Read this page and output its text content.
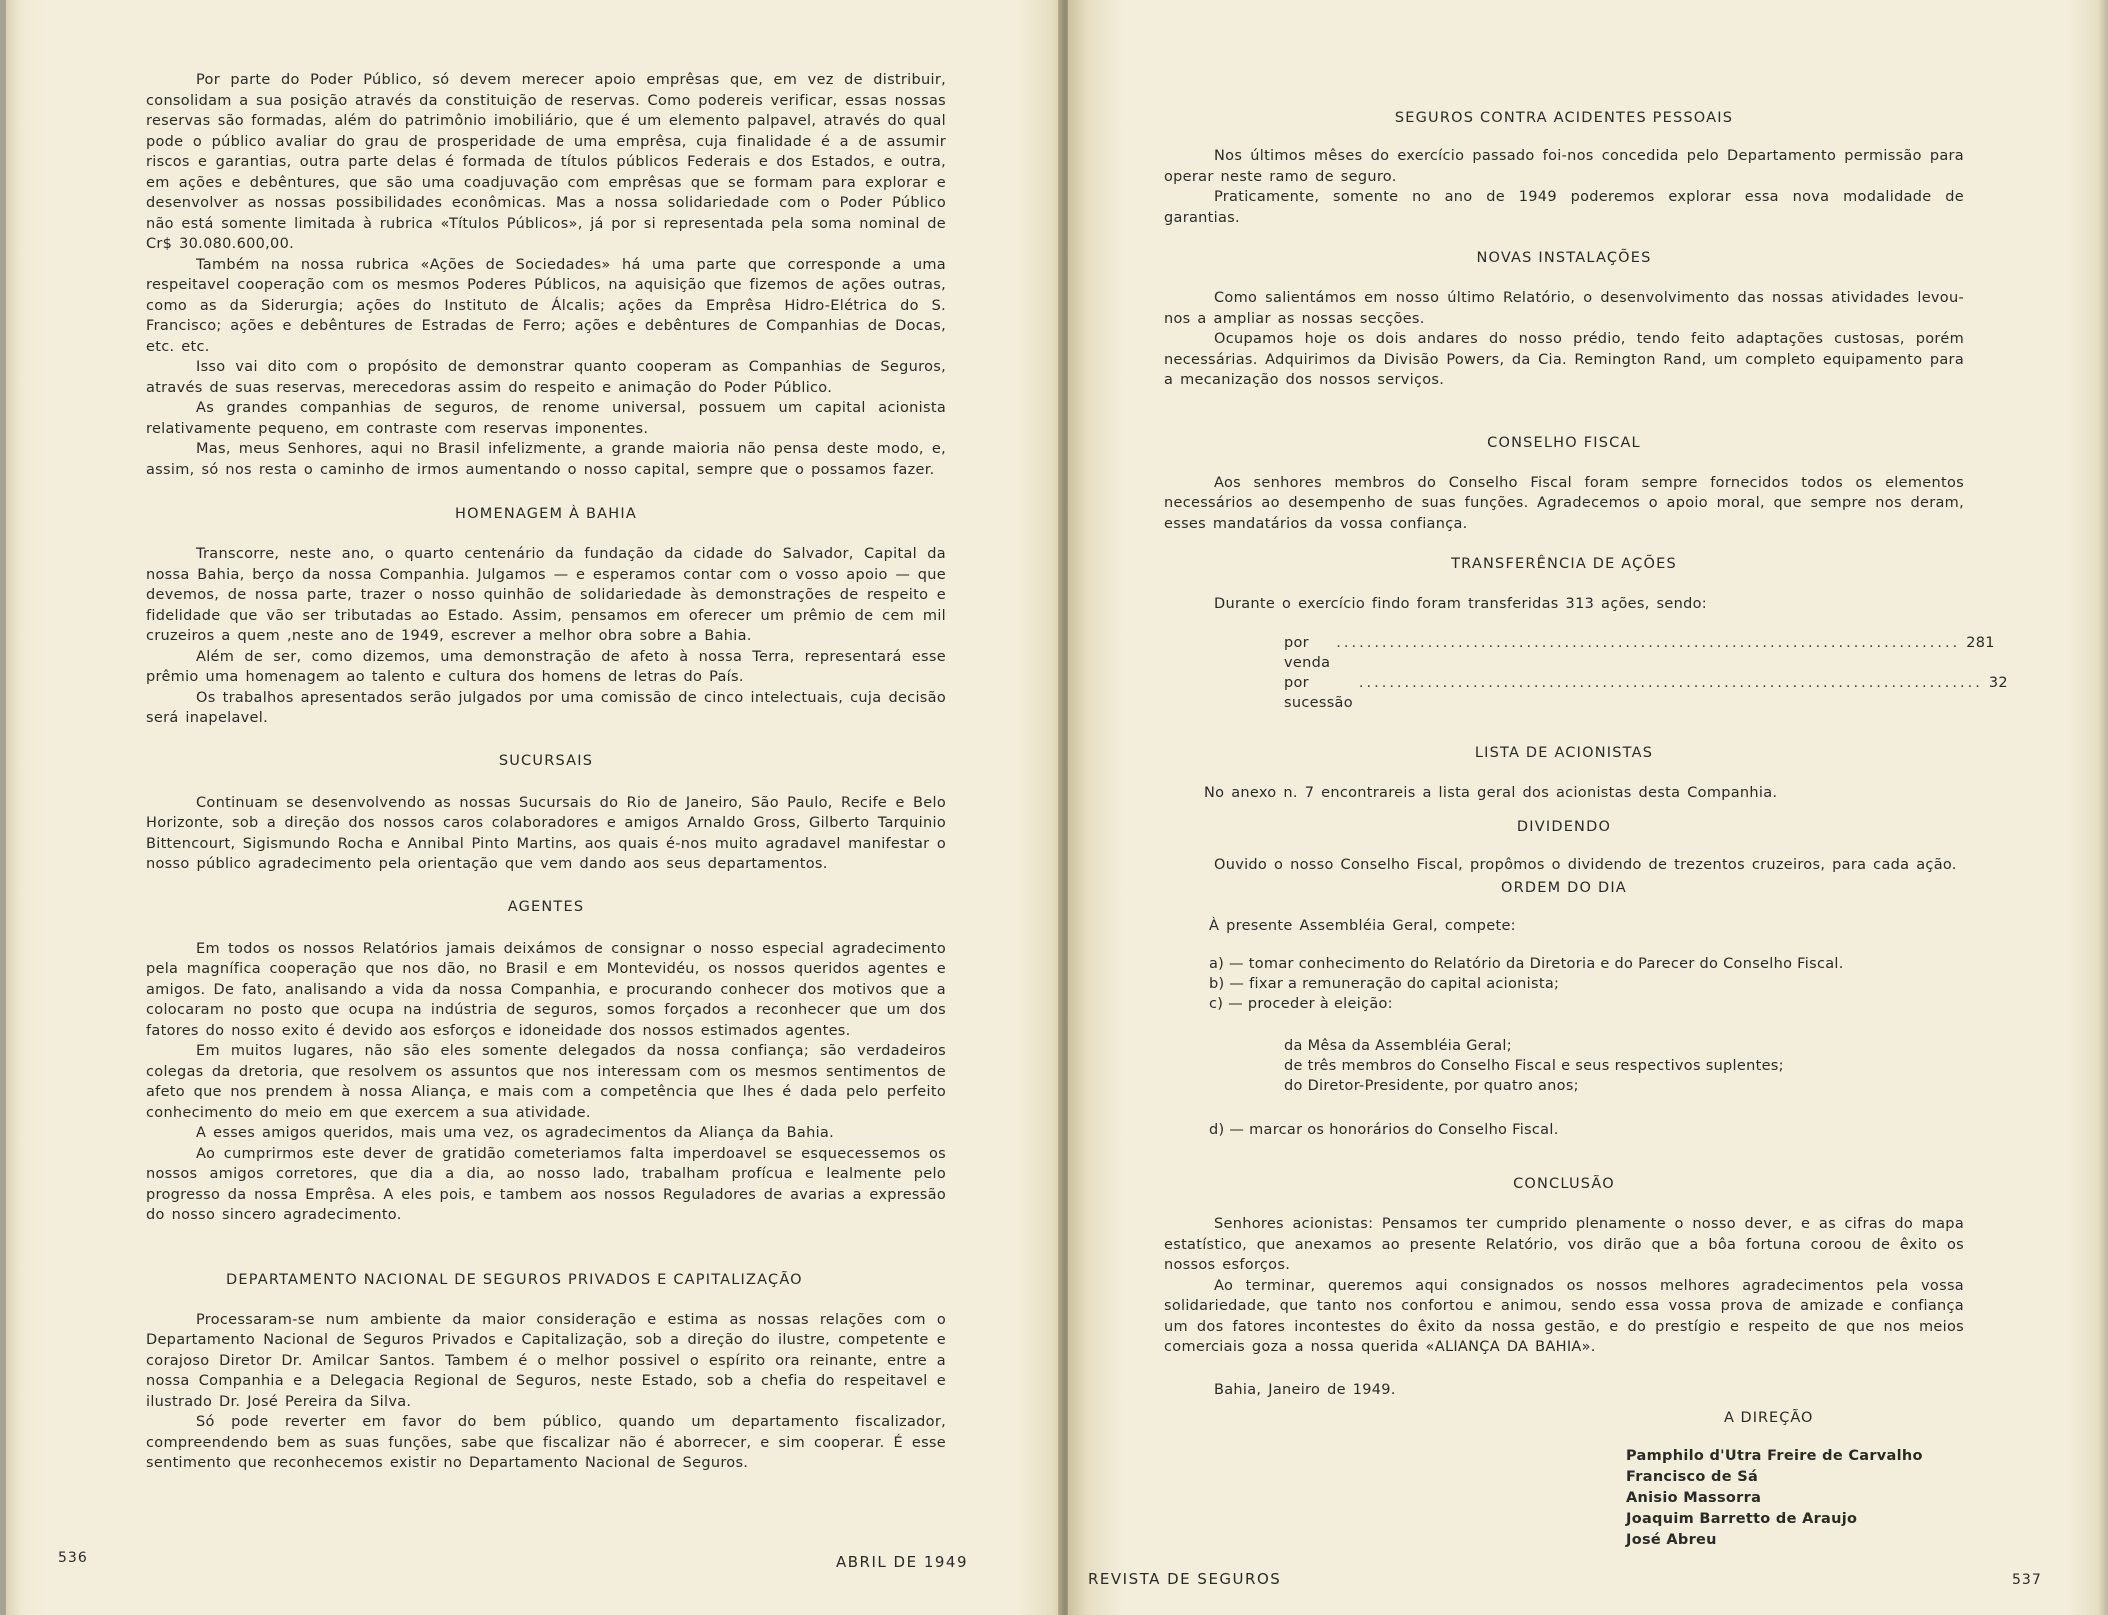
Por parte do Poder Público, só devem merecer apoio emprêsas que, em vez de distribuir, consolidam a sua posição através da constituição de reservas. Como podereis verificar, essas nossas reservas são formadas, além do patrimônio imobiliário, que é um elemento palpavel, através do qual pode o público avaliar do grau de prosperidade de uma emprêsa, cuja finalidade é a de assumir riscos e garantias, outra parte delas é formada de títulos públicos Federais e dos Estados, e outra, em ações e debêntures, que são uma coadjuvação com emprêsas que se formam para explorar e desenvolver as nossas possibilidades econômicas. Mas a nossa solidariedade com o Poder Público não está somente limitada à rubrica «Títulos Públicos», já por si representada pela soma nominal de Cr$ 30.080.600,00.

Também na nossa rubrica «Ações de Sociedades» há uma parte que corresponde a uma respeitavel cooperação com os mesmos Poderes Públicos, na aquisição que fizemos de ações outras, como as da Siderurgia; ações do Instituto de Álcalis; ações da Emprêsa Hidro-Elétrica do S. Francisco; ações e debêntures de Estradas de Ferro; ações e debêntures de Companhias de Docas, etc. etc.

Isso vai dito com o propósito de demonstrar quanto cooperam as Companhias de Seguros, através de suas reservas, merecedoras assim do respeito e animação do Poder Público.

As grandes companhias de seguros, de renome universal, possuem um capital acionista relativamente pequeno, em contraste com reservas imponentes.

Mas, meus Senhores, aqui no Brasil infelizmente, a grande maioria não pensa deste modo, e, assim, só nos resta o caminho de irmos aumentando o nosso capital, sempre que o possamos fazer.

HOMENAGEM À BAHIA

Transcorre, neste ano, o quarto centenário da fundação da cidade do Salvador, Capital da nossa Bahia, berço da nossa Companhia. Julgamos — e esperamos contar com o vosso apoio — que devemos, de nossa parte, trazer o nosso quinhão de solidariedade às demonstrações de respeito e fidelidade que vão ser tributadas ao Estado. Assim, pensamos em oferecer um prêmio de cem mil cruzeiros a quem ,neste ano de 1949, escrever a melhor obra sobre a Bahia.

Além de ser, como dizemos, uma demonstração de afeto à nossa Terra, representará esse prêmio uma homenagem ao talento e cultura dos homens de letras do País.

Os trabalhos apresentados serão julgados por uma comissão de cinco intelectuais, cuja decisão será inapelavel.

SUCURSAIS

Continuam se desenvolvendo as nossas Sucursais do Rio de Janeiro, São Paulo, Recife e Belo Horizonte, sob a direção dos nossos caros colaboradores e amigos Arnaldo Gross, Gilberto Tarquinio Bittencourt, Sigismundo Rocha e Annibal Pinto Martins, aos quais é-nos muito agradavel manifestar o nosso público agradecimento pela orientação que vem dando aos seus departamentos.

AGENTES

Em todos os nossos Relatórios jamais deixámos de consignar o nosso especial agradecimento pela magnífica cooperação que nos dão, no Brasil e em Montevidéu, os nossos queridos agentes e amigos. De fato, analisando a vida da nossa Companhia, e procurando conhecer dos motivos que a colocaram no posto que ocupa na indústria de seguros, somos forçados a reconhecer que um dos fatores do nosso exito é devido aos esforços e idoneidade dos nossos estimados agentes.

Em muitos lugares, não são eles somente delegados da nossa confiança; são verdadeiros colegas da dretoria, que resolvem os assuntos que nos interessam com os mesmos sentimentos de afeto que nos prendem à nossa Aliança, e mais com a competência que lhes é dada pelo perfeito conhecimento do meio em que exercem a sua atividade.

A esses amigos queridos, mais uma vez, os agradecimentos da Aliança da Bahia.

Ao cumprirmos este dever de gratidão cometeriamos falta imperdoavel se esquecessemos os nossos amigos corretores, que dia a dia, ao nosso lado, trabalham profícua e lealmente pelo progresso da nossa Emprêsa. A eles pois, e tambem aos nossos Reguladores de avarias a expressão do nosso sincero agradecimento.

DEPARTAMENTO NACIONAL DE SEGUROS PRIVADOS E CAPITALIZAÇÃO

Processaram-se num ambiente da maior consideração e estima as nossas relações com o Departamento Nacional de Seguros Privados e Capitalização, sob a direção do ilustre, competente e corajoso Diretor Dr. Amilcar Santos. Tambem é o melhor possivel o espírito ora reinante, entre a nossa Companhia e a Delegacia Regional de Seguros, neste Estado, sob a chefia do respeitavel e ilustrado Dr. José Pereira da Silva.

Só pode reverter em favor do bem público, quando um departamento fiscalizador, compreendendo bem as suas funções, sabe que fiscalizar não é aborrecer, e sim cooperar. É esse sentimento que reconhecemos existir no Departamento Nacional de Seguros.

536	ABRIL DE 1949
SEGUROS CONTRA ACIDENTES PESSOAIS

Nos últimos mêses do exercício passado foi-nos concedida pelo Departamento permissão para operar neste ramo de seguro.

Praticamente, somente no ano de 1949 poderemos explorar essa nova modalidade de garantias.

NOVAS INSTALAÇÕES

Como salientámos em nosso último Relatório, o desenvolvimento das nossas atividades levou-nos a ampliar as nossas secções.

Ocupamos hoje os dois andares do nosso prédio, tendo feito adaptações custosas, porém necessárias. Adquirimos da Divisão Powers, da Cia. Remington Rand, um completo equipamento para a mecanização dos nossos serviços.

CONSELHO FISCAL

Aos senhores membros do Conselho Fiscal foram sempre fornecidos todos os elementos necessários ao desempenho de suas funções. Agradecemos o apoio moral, que sempre nos deram, esses mandatários da vossa confiança.

TRANSFERÊNCIA DE AÇÕES

Durante o exercício findo foram transferidas 313 ações, sendo:

por venda
.................................................................................. 281
por sucessão
.................................................................................. 32
LISTA DE ACIONISTAS

No anexo n. 7 encontrareis a lista geral dos acionistas desta Companhia.

DIVIDENDO

Ouvido o nosso Conselho Fiscal, propômos o dividendo de trezentos cruzeiros, para cada ação.

ORDEM DO DIA

À presente Assembléia Geral, compete:

a) — tomar conhecimento do Relatório da Diretoria e do Parecer do Conselho Fiscal.
b) — fixar a remuneração do capital acionista;
c) — proceder à eleição:
da Mêsa da Assembléia Geral;
de três membros do Conselho Fiscal e seus respectivos suplentes;
do Diretor-Presidente, por quatro anos;
d) — marcar os honorários do Conselho Fiscal.
CONCLUSÃO

Senhores acionistas: Pensamos ter cumprido plenamente o nosso dever, e as cifras do mapa estatístico, que anexamos ao presente Relatório, vos dirão que a bôa fortuna coroou de êxito os nossos esforços.

Ao terminar, queremos aqui consignados os nossos melhores agradecimentos pela vossa solidariedade, que tanto nos confortou e animou, sendo essa vossa prova de amizade e confiança um dos fatores incontestes do êxito da nossa gestão, e do prestígio e respeito de que nos meios comerciais goza a nossa querida «ALIANÇA DA BAHIA».

Bahia, Janeiro de 1949.

A DIREÇÃO
Pamphilo d'Utra Freire de Carvalho
Francisco de Sá
Anisio Massorra
Joaquim Barretto de Araujo
José Abreu
REVISTA DE SEGUROS	537
